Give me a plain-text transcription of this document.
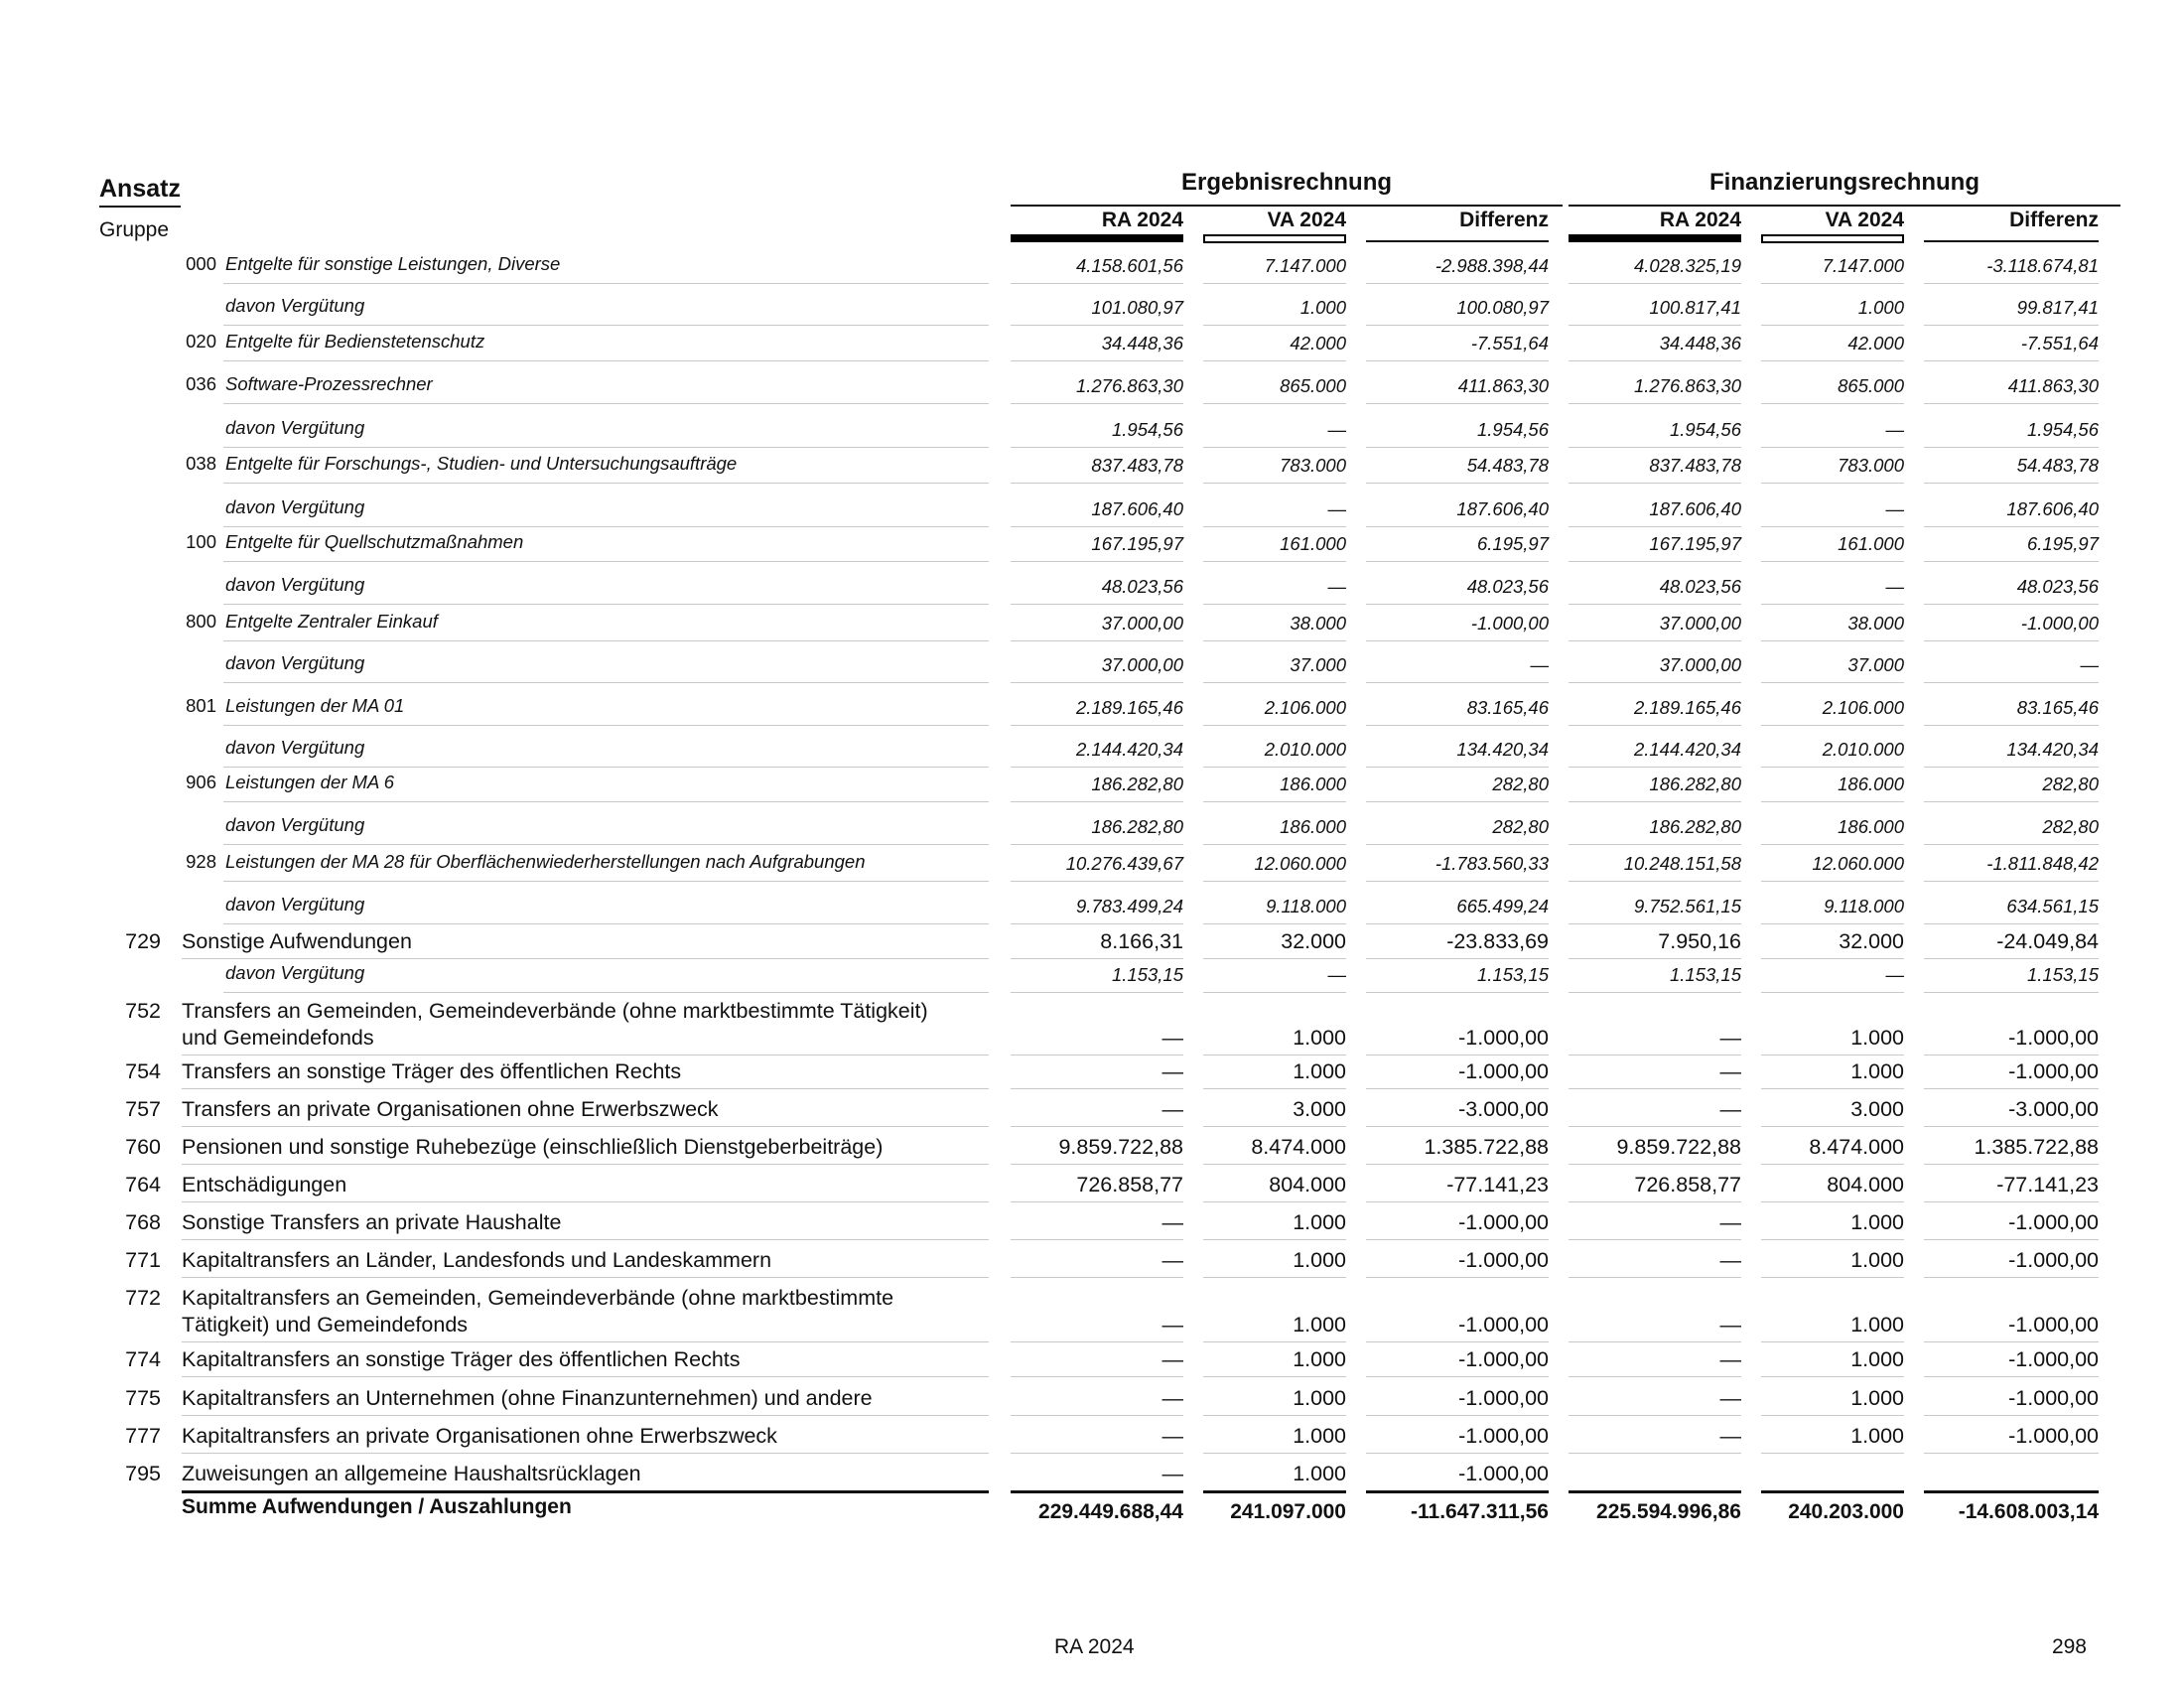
Ansatz
Gruppe
Ergebnisrechnung	Finanzierungsrechnung
RA 2024	VA 2024	Differenz	RA 2024	VA 2024	Differenz
000 Entgelte für sonstige Leistungen, Diverse	4.158.601,56	7.147.000	-2.988.398,44	4.028.325,19	7.147.000	-3.118.674,81
davon Vergütung	101.080,97	1.000	100.080,97	100.817,41	1.000	99.817,41
020 Entgelte für Bedienstetenschutz	34.448,36	42.000	-7.551,64	34.448,36	42.000	-7.551,64
036 Software-Prozessrechner	1.276.863,30	865.000	411.863,30	1.276.863,30	865.000	411.863,30
davon Vergütung	1.954,56	—	1.954,56	1.954,56	—	1.954,56
038 Entgelte für Forschungs-, Studien- und Untersuchungsaufträge	837.483,78	783.000	54.483,78	837.483,78	783.000	54.483,78
davon Vergütung	187.606,40	—	187.606,40	187.606,40	—	187.606,40
100 Entgelte für Quellschutzmaßnahmen	167.195,97	161.000	6.195,97	167.195,97	161.000	6.195,97
davon Vergütung	48.023,56	—	48.023,56	48.023,56	—	48.023,56
800 Entgelte Zentraler Einkauf	37.000,00	38.000	-1.000,00	37.000,00	38.000	-1.000,00
davon Vergütung	37.000,00	37.000	—	37.000,00	37.000	—
801 Leistungen der MA 01	2.189.165,46	2.106.000	83.165,46	2.189.165,46	2.106.000	83.165,46
davon Vergütung	2.144.420,34	2.010.000	134.420,34	2.144.420,34	2.010.000	134.420,34
906 Leistungen der MA 6	186.282,80	186.000	282,80	186.282,80	186.000	282,80
davon Vergütung	186.282,80	186.000	282,80	186.282,80	186.000	282,80
928 Leistungen der MA 28 für Oberflächenwiederherstellungen nach Aufgrabungen	10.276.439,67	12.060.000	-1.783.560,33	10.248.151,58	12.060.000	-1.811.848,42
davon Vergütung	9.783.499,24	9.118.000	665.499,24	9.752.561,15	9.118.000	634.561,15
729 Sonstige Aufwendungen	8.166,31	32.000	-23.833,69	7.950,16	32.000	-24.049,84
davon Vergütung	1.153,15	—	1.153,15	1.153,15	—	1.153,15
752 Transfers an Gemeinden, Gemeindeverbände (ohne marktbestimmte Tätigkeit)
und Gemeindefonds	—	1.000	-1.000,00	—	1.000	-1.000,00
754 Transfers an sonstige Träger des öffentlichen Rechts	—	1.000	-1.000,00	—	1.000	-1.000,00
757 Transfers an private Organisationen ohne Erwerbszweck	—	3.000	-3.000,00	—	3.000	-3.000,00
760 Pensionen und sonstige Ruhebezüge (einschließlich Dienstgeberbeiträge)	9.859.722,88	8.474.000	1.385.722,88	9.859.722,88	8.474.000	1.385.722,88
764 Entschädigungen	726.858,77	804.000	-77.141,23	726.858,77	804.000	-77.141,23
768 Sonstige Transfers an private Haushalte	—	1.000	-1.000,00	—	1.000	-1.000,00
771 Kapitaltransfers an Länder, Landesfonds und Landeskammern	—	1.000	-1.000,00	—	1.000	-1.000,00
772 Kapitaltransfers an Gemeinden, Gemeindeverbände (ohne marktbestimmte
Tätigkeit) und Gemeindefonds	—	1.000	-1.000,00	—	1.000	-1.000,00
774 Kapitaltransfers an sonstige Träger des öffentlichen Rechts	—	1.000	-1.000,00	—	1.000	-1.000,00
775 Kapitaltransfers an Unternehmen (ohne Finanzunternehmen) und andere	—	1.000	-1.000,00	—	1.000	-1.000,00
777 Kapitaltransfers an private Organisationen ohne Erwerbszweck	—	1.000	-1.000,00	—	1.000	-1.000,00
795 Zuweisungen an allgemeine Haushaltsrücklagen	—	1.000	-1.000,00
Summe Aufwendungen / Auszahlungen	229.449.688,44	241.097.000	-11.647.311,56	225.594.996,86	240.203.000	-14.608.003,14
RA 2024	298
